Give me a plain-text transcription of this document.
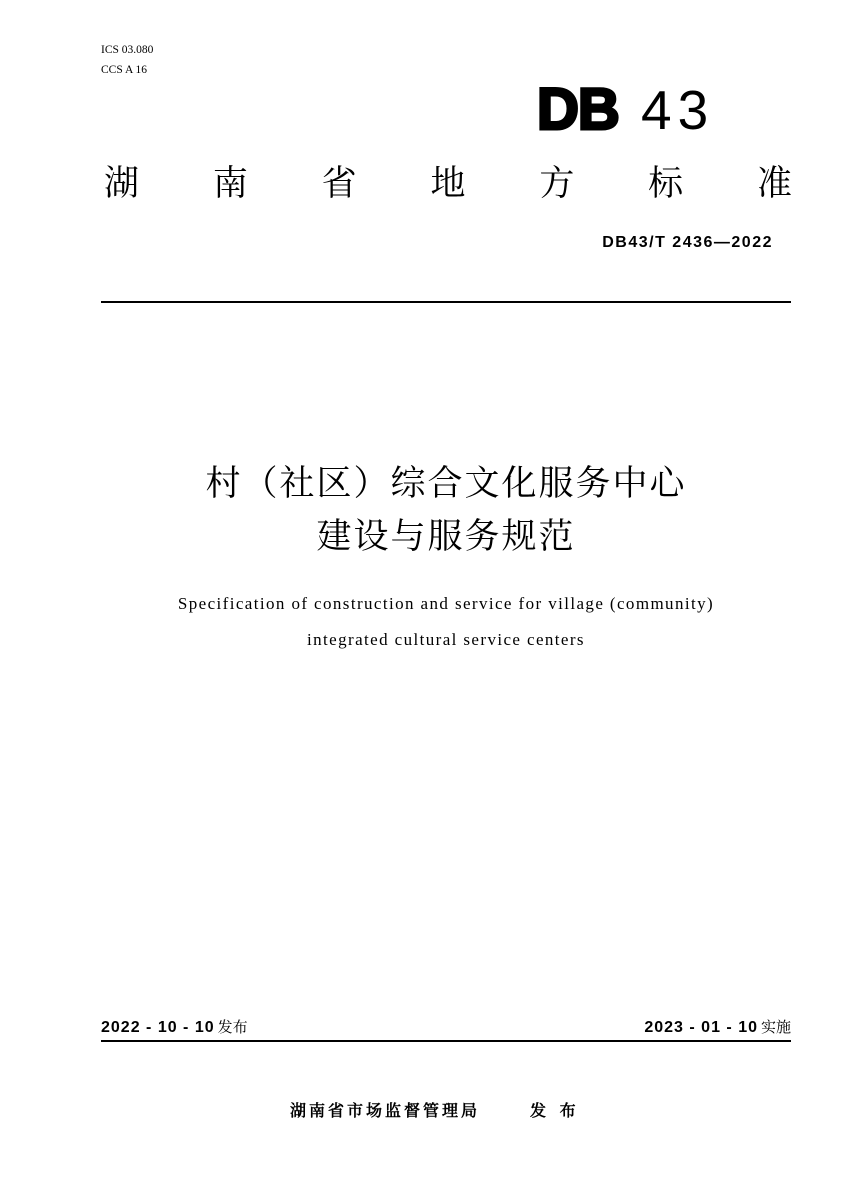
ICS 03.080
CCS A 16
DB 43
湖 南 省 地 方 标 准
DB43/T 2436—2022
村（社区）综合文化服务中心
建设与服务规范
Specification of construction and service for village (community)
integrated cultural service centers
2022 - 10 - 10 发布	2023 - 01 - 10 实施
湖南省市场监督管理局	发 布
